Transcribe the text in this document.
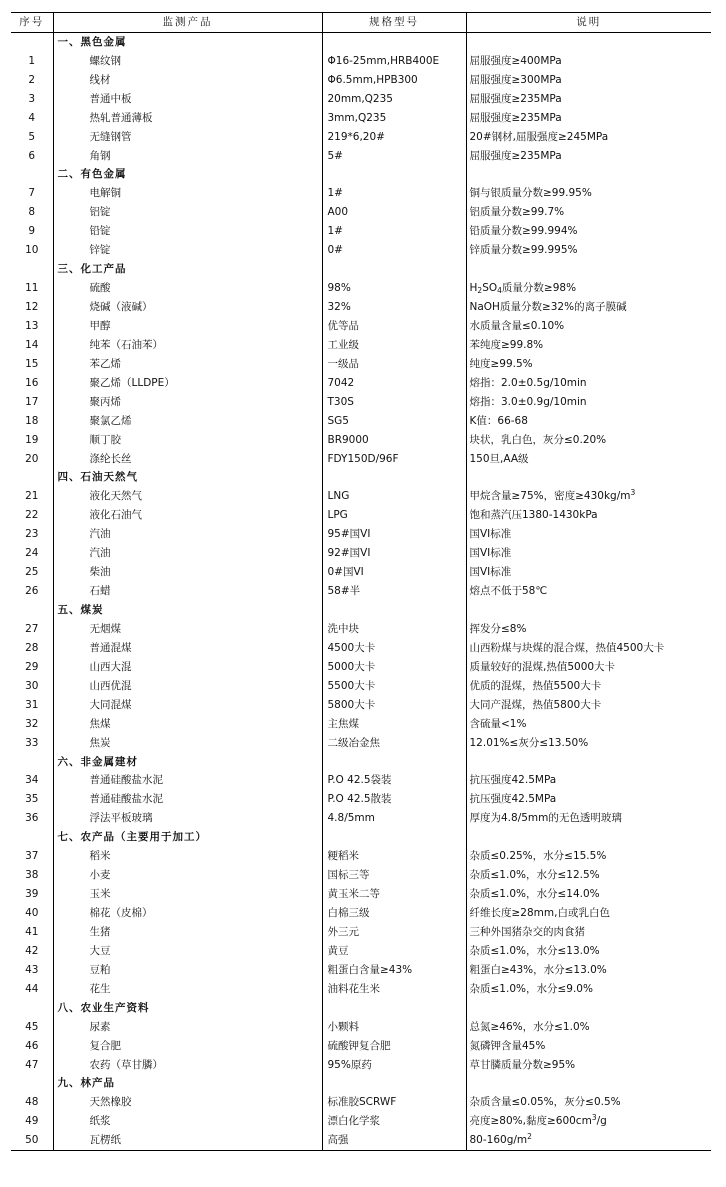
序号	监测产品	规格型号	说明
	一、黑色金属		
1	螺纹钢	Φ16-25mm,HRB400E	屈服强度≥400MPa
2	线材	Φ6.5mm,HPB300	屈服强度≥300MPa
3	普通中板	20mm,Q235	屈服强度≥235MPa
4	热轧普通薄板	3mm,Q235	屈服强度≥235MPa
5	无缝钢管	219*6,20#	20#钢材,屈服强度≥245MPa
6	角钢	5#	屈服强度≥235MPa
	二、有色金属		
7	电解铜	1#	铜与银质量分数≥99.95%
8	铝锭	A00	铝质量分数≥99.7%
9	铅锭	1#	铅质量分数≥99.994%
10	锌锭	0#	锌质量分数≥99.995%
	三、化工产品		
11	硫酸	98%	$H_2SO_4$质量分数≥98%
12	烧碱（液碱）	32%	NaOH质量分数≥32%的离子膜碱
13	甲醇	优等品	水质量含量≤0.10%
14	纯苯（石油苯）	工业级	苯纯度≥99.8%
15	苯乙烯	一级品	纯度≥99.5%
16	聚乙烯（LLDPE）	7042	熔指：2.0±0.5g/10min
17	聚丙烯	T30S	熔指：3.0±0.9g/10min
18	聚氯乙烯	SG5	K值：66-68
19	顺丁胶	BR9000	块状，乳白色，灰分≤0.20%
20	涤纶长丝	FDY150D/96F	150旦,AA级
	四、石油天然气		
21	液化天然气	LNG	甲烷含量≥75%，密度$\ge 430kg/m^3$
22	液化石油气	LPG	饱和蒸汽压1380-1430kPa
23	汽油	95#国VI	国VI标准
24	汽油	92#国VI	国VI标准
25	柴油	0#国VI	国VI标准
26	石蜡	58#半	熔点不低于58℃
	五、煤炭		
27	无烟煤	洗中块	挥发分≤8%
28	普通混煤	4500大卡	山西粉煤与块煤的混合煤，热值4500大卡
29	山西大混	5000大卡	质量较好的混煤,热值5000大卡
30	山西优混	5500大卡	优质的混煤，热值5500大卡
31	大同混煤	5800大卡	大同产混煤，热值5800大卡
32	焦煤	主焦煤	含硫量<1%
33	焦炭	二级冶金焦	12.01%≤灰分≤13.50%
	六、非金属建材		
34	普通硅酸盐水泥	P.O 42.5袋装	抗压强度42.5MPa
35	普通硅酸盐水泥	P.O 42.5散装	抗压强度42.5MPa
36	浮法平板玻璃	4.8/5mm	厚度为4.8/5mm的无色透明玻璃
	七、农产品（主要用于加工）		
37	稻米	粳稻米	杂质≤0.25%，水分≤15.5%
38	小麦	国标三等	杂质≤1.0%，水分≤12.5%
39	玉米	黄玉米二等	杂质≤1.0%，水分≤14.0%
40	棉花（皮棉）	白棉三级	纤维长度≥28mm,白或乳白色
41	生猪	外三元	三种外国猪杂交的肉食猪
42	大豆	黄豆	杂质≤1.0%，水分≤13.0%
43	豆粕	粗蛋白含量≥43%	粗蛋白≥43%，水分≤13.0%
44	花生	油料花生米	杂质≤1.0%，水分≤9.0%
	八、农业生产资料		
45	尿素	小颗料	总氮≥46%，水分≤1.0%
46	复合肥	硫酸钾复合肥	氮磷钾含量45%
47	农药（草甘膦）	95%原药	草甘膦质量分数≥95%
	九、林产品		
48	天然橡胶	标准胶SCRWF	杂质含量≤0.05%，灰分≤0.5%
49	纸浆	漂白化学浆	亮度≥80%,黏度$\ge 600cm^3/g$
50	瓦楞纸	高强	$80-160g/m^2$
